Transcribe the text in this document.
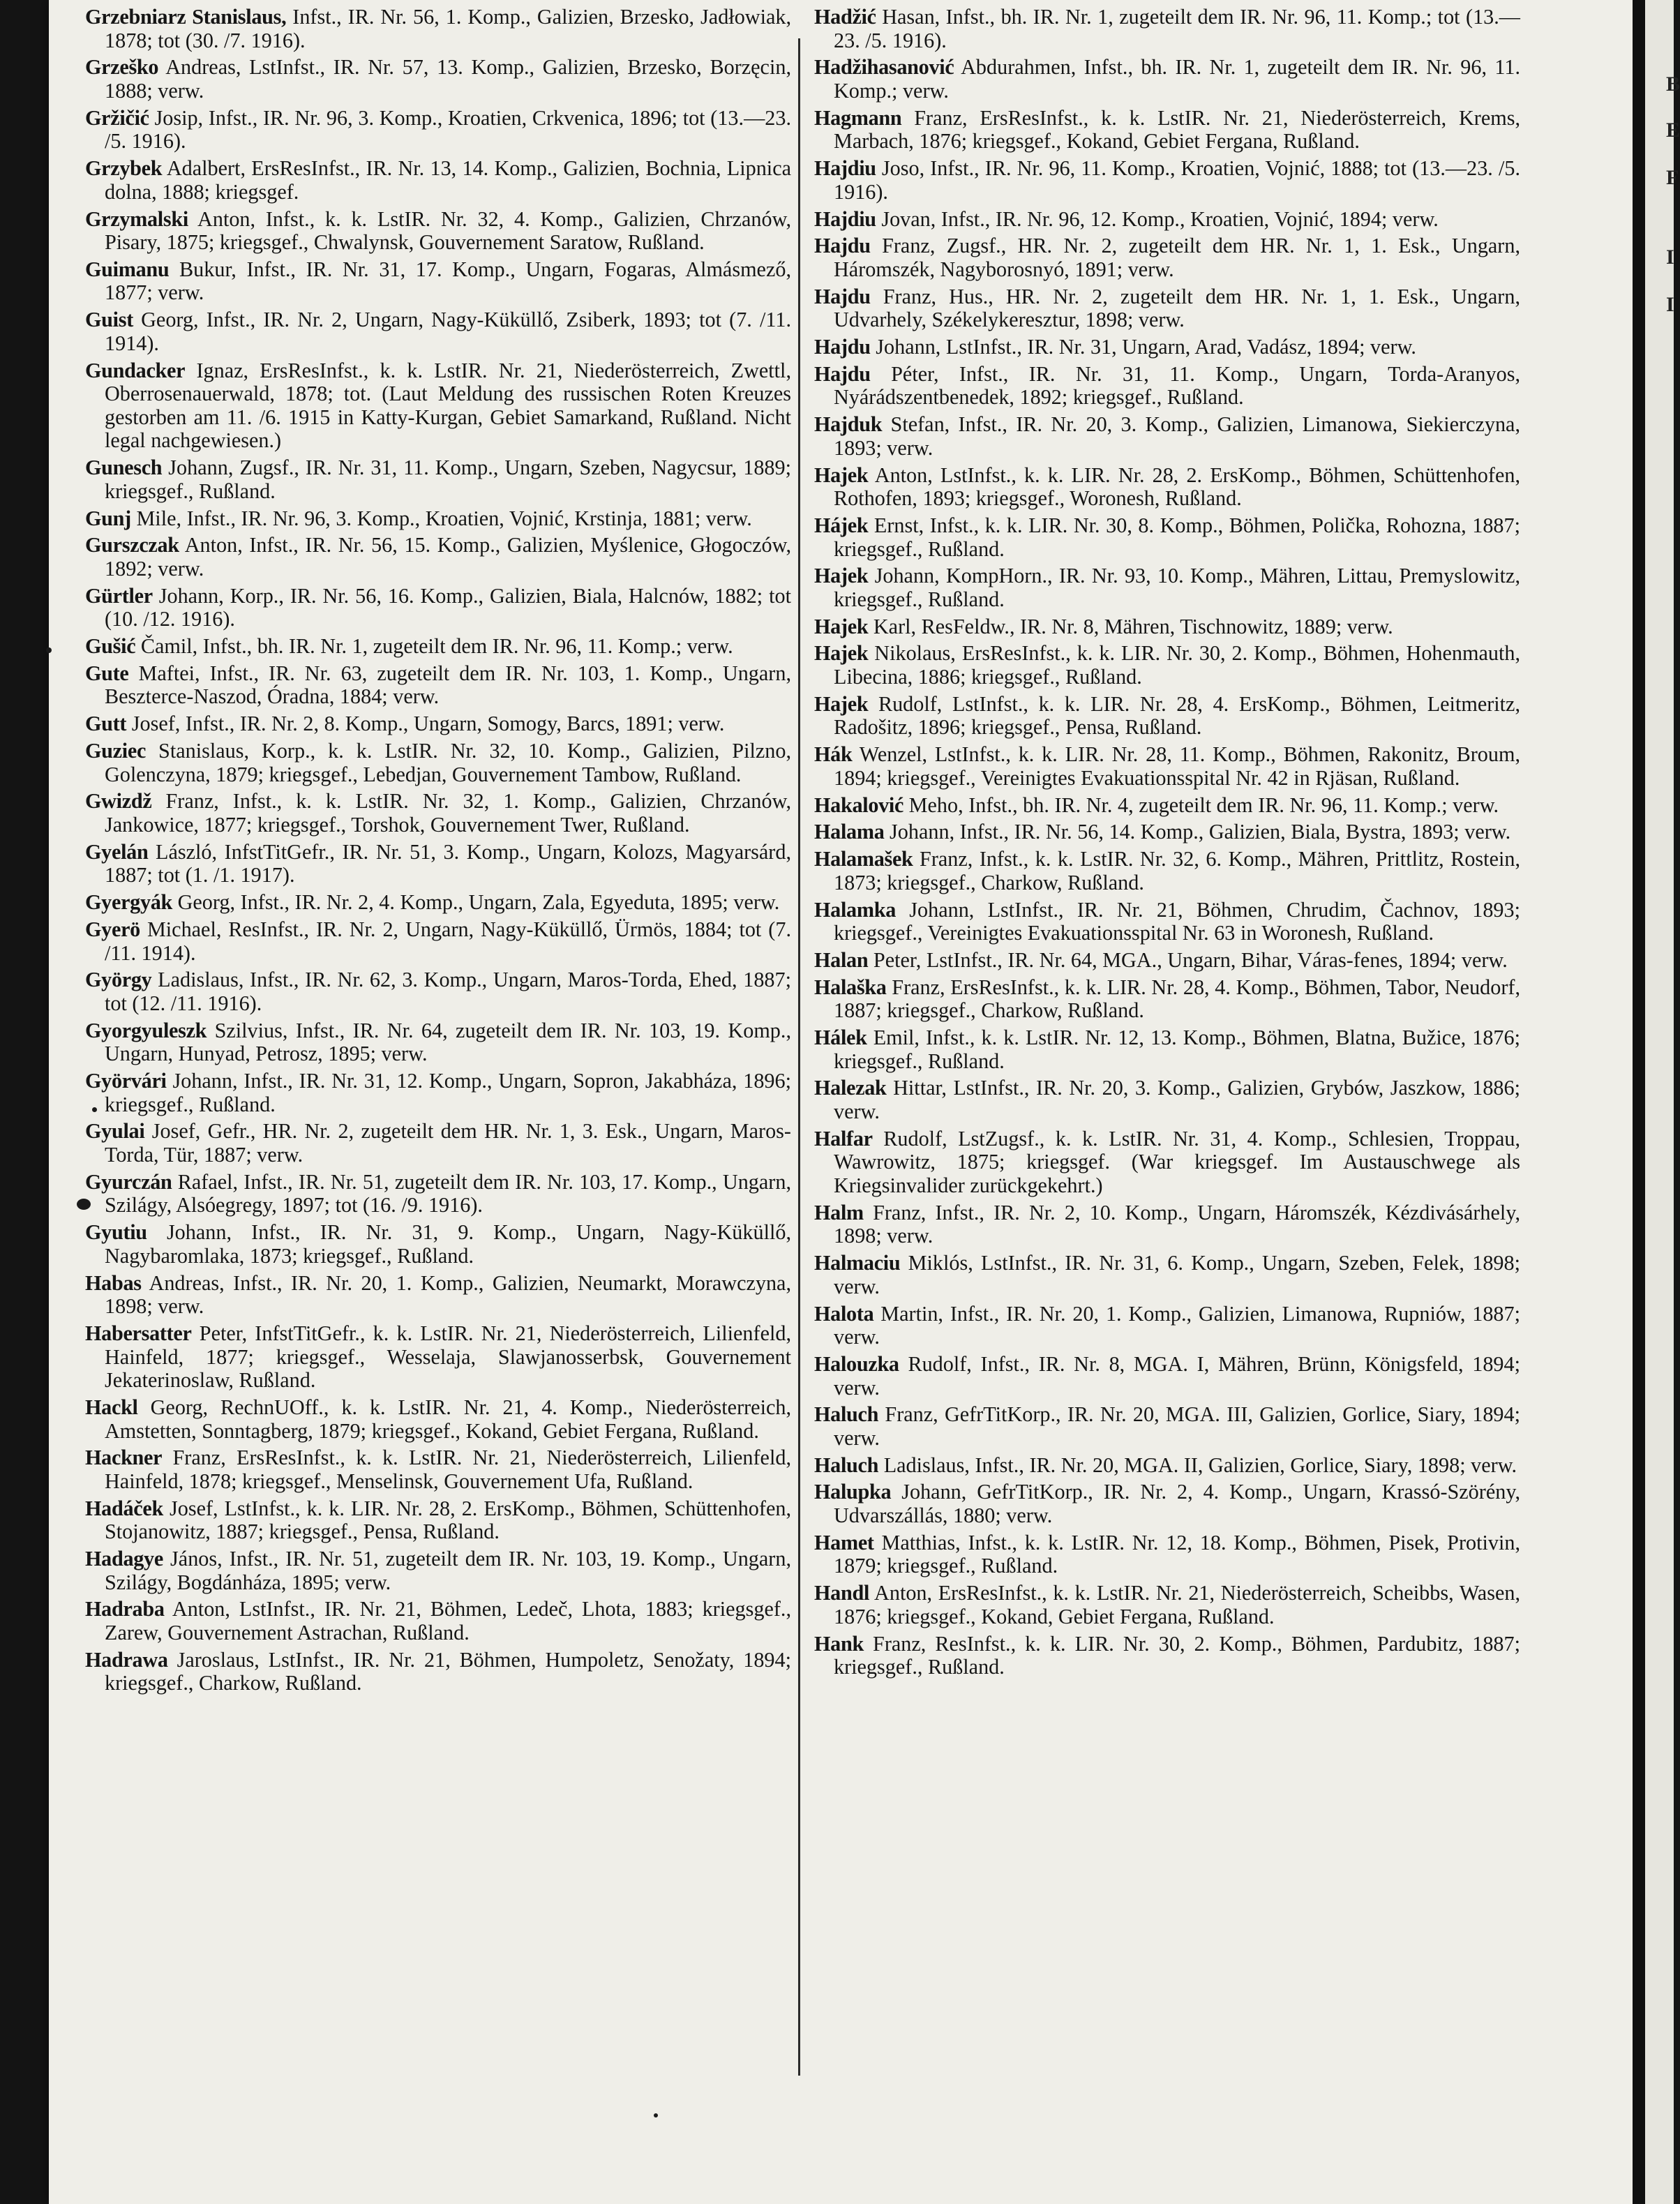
Grzebniarz Stanislaus, Infst., IR. Nr. 56, 1. Komp., Galizien, Brzesko, Jadłowiak, 1878; tot (30. /7. 1916).
Grzeško Andreas, LstInfst., IR. Nr. 57, 13. Komp., Galizien, Brzesko, Borzęcin, 1888; verw.
Gržičić Josip, Infst., IR. Nr. 96, 3. Komp., Kroatien, Crkvenica, 1896; tot (13.—23. /5. 1916).
Grzybek Adalbert, ErsResInfst., IR. Nr. 13, 14. Komp., Galizien, Bochnia, Lipnica dolna, 1888; kriegsgef.
Grzymalski Anton, Infst., k. k. LstIR. Nr. 32, 4. Komp., Galizien, Chrzanów, Pisary, 1875; kriegsgef., Chwalynsk, Gouvernement Saratow, Rußland.
Guimanu Bukur, Infst., IR. Nr. 31, 17. Komp., Ungarn, Fogaras, Almásmező, 1877; verw.
Guist Georg, Infst., IR. Nr. 2, Ungarn, Nagy-Küküllő, Zsiberk, 1893; tot (7. /11. 1914).
Gundacker Ignaz, ErsResInfst., k. k. LstIR. Nr. 21, Niederösterreich, Zwettl, Oberrosenauerwald, 1878; tot. (Laut Meldung des russischen Roten Kreuzes gestorben am 11. /6. 1915 in Katty-Kurgan, Gebiet Samarkand, Rußland. Nicht legal nachgewiesen.)
Gunesch Johann, Zugsf., IR. Nr. 31, 11. Komp., Ungarn, Szeben, Nagycsur, 1889; kriegsgef., Rußland.
Gunj Mile, Infst., IR. Nr. 96, 3. Komp., Kroatien, Vojnić, Krstinja, 1881; verw.
Gurszczak Anton, Infst., IR. Nr. 56, 15. Komp., Galizien, Myślenice, Głogoczów, 1892; verw.
Gürtler Johann, Korp., IR. Nr. 56, 16. Komp., Galizien, Biala, Halcnów, 1882; tot (10. /12. 1916).
Gušić Čamil, Infst., bh. IR. Nr. 1, zugeteilt dem IR. Nr. 96, 11. Komp.; verw.
Gute Maftei, Infst., IR. Nr. 63, zugeteilt dem IR. Nr. 103, 1. Komp., Ungarn, Beszterce-Naszod, Óradna, 1884; verw.
Gutt Josef, Infst., IR. Nr. 2, 8. Komp., Ungarn, Somogy, Barcs, 1891; verw.
Guziec Stanislaus, Korp., k. k. LstIR. Nr. 32, 10. Komp., Galizien, Pilzno, Golenczyna, 1879; kriegsgef., Lebedjan, Gouvernement Tambow, Rußland.
Gwizdž Franz, Infst., k. k. LstIR. Nr. 32, 1. Komp., Galizien, Chrzanów, Jankowice, 1877; kriegsgef., Torshok, Gouvernement Twer, Rußland.
Gyelán László, InfstTitGefr., IR. Nr. 51, 3. Komp., Ungarn, Kolozs, Magyarsárd, 1887; tot (1. /1. 1917).
Gyergyák Georg, Infst., IR. Nr. 2, 4. Komp., Ungarn, Zala, Egyeduta, 1895; verw.
Gyerö Michael, ResInfst., IR. Nr. 2, Ungarn, Nagy-Küküllő, Ürmös, 1884; tot (7. /11. 1914).
György Ladislaus, Infst., IR. Nr. 62, 3. Komp., Ungarn, Maros-Torda, Ehed, 1887; tot (12. /11. 1916).
Gyorgyuleszk Szilvius, Infst., IR. Nr. 64, zugeteilt dem IR. Nr. 103, 19. Komp., Ungarn, Hunyad, Petrosz, 1895; verw.
Györvári Johann, Infst., IR. Nr. 31, 12. Komp., Ungarn, Sopron, Jakabháza, 1896; kriegsgef., Rußland.
Gyulai Josef, Gefr., HR. Nr. 2, zugeteilt dem HR. Nr. 1, 3. Esk., Ungarn, Maros-Torda, Tür, 1887; verw.
Gyurczán Rafael, Infst., IR. Nr. 51, zugeteilt dem IR. Nr. 103, 17. Komp., Ungarn, Szilágy, Alsóegregy, 1897; tot (16. /9. 1916).
Gyutiu Johann, Infst., IR. Nr. 31, 9. Komp., Ungarn, Nagy-Küküllő, Nagybaromlaka, 1873; kriegsgef., Rußland.
Habas Andreas, Infst., IR. Nr. 20, 1. Komp., Galizien, Neumarkt, Morawczyna, 1898; verw.
Habersatter Peter, InfstTitGefr., k. k. LstIR. Nr. 21, Niederösterreich, Lilienfeld, Hainfeld, 1877; kriegsgef., Wesselaja, Slawjanosserbsk, Gouvernement Jekaterinoslaw, Rußland.
Hackl Georg, RechnUOff., k. k. LstIR. Nr. 21, 4. Komp., Niederösterreich, Amstetten, Sonntagberg, 1879; kriegsgef., Kokand, Gebiet Fergana, Rußland.
Hackner Franz, ErsResInfst., k. k. LstIR. Nr. 21, Niederösterreich, Lilienfeld, Hainfeld, 1878; kriegsgef., Menselinsk, Gouvernement Ufa, Rußland.
Hadáček Josef, LstInfst., k. k. LIR. Nr. 28, 2. ErsKomp., Böhmen, Schüttenhofen, Stojanowitz, 1887; kriegsgef., Pensa, Rußland.
Hadagye János, Infst., IR. Nr. 51, zugeteilt dem IR. Nr. 103, 19. Komp., Ungarn, Szilágy, Bogdánháza, 1895; verw.
Hadraba Anton, LstInfst., IR. Nr. 21, Böhmen, Ledeč, Lhota, 1883; kriegsgef., Zarew, Gouvernement Astrachan, Rußland.
Hadrawa Jaroslaus, LstInfst., IR. Nr. 21, Böhmen, Humpoletz, Senožaty, 1894; kriegsgef., Charkow, Rußland.
Hadžić Hasan, Infst., bh. IR. Nr. 1, zugeteilt dem IR. Nr. 96, 11. Komp.; tot (13.—23. /5. 1916).
Hadžihasanović Abdurahmen, Infst., bh. IR. Nr. 1, zugeteilt dem IR. Nr. 96, 11. Komp.; verw.
Hagmann Franz, ErsResInfst., k. k. LstIR. Nr. 21, Niederösterreich, Krems, Marbach, 1876; kriegsgef., Kokand, Gebiet Fergana, Rußland.
Hajdiu Joso, Infst., IR. Nr. 96, 11. Komp., Kroatien, Vojnić, 1888; tot (13.—23. /5. 1916).
Hajdiu Jovan, Infst., IR. Nr. 96, 12. Komp., Kroatien, Vojnić, 1894; verw.
Hajdu Franz, Zugsf., HR. Nr. 2, zugeteilt dem HR. Nr. 1, 1. Esk., Ungarn, Háromszék, Nagyborosnyó, 1891; verw.
Hajdu Franz, Hus., HR. Nr. 2, zugeteilt dem HR. Nr. 1, 1. Esk., Ungarn, Udvarhely, Székelykeresztur, 1898; verw.
Hajdu Johann, LstInfst., IR. Nr. 31, Ungarn, Arad, Vadász, 1894; verw.
Hajdu Péter, Infst., IR. Nr. 31, 11. Komp., Ungarn, Torda-Aranyos, Nyárádszentbenedek, 1892; kriegsgef., Rußland.
Hajduk Stefan, Infst., IR. Nr. 20, 3. Komp., Galizien, Limanowa, Siekierczyna, 1893; verw.
Hajek Anton, LstInfst., k. k. LIR. Nr. 28, 2. ErsKomp., Böhmen, Schüttenhofen, Rothofen, 1893; kriegsgef., Woronesh, Rußland.
Hájek Ernst, Infst., k. k. LIR. Nr. 30, 8. Komp., Böhmen, Polička, Rohozna, 1887; kriegsgef., Rußland.
Hajek Johann, KompHorn., IR. Nr. 93, 10. Komp., Mähren, Littau, Premyslowitz, kriegsgef., Rußland.
Hajek Karl, ResFeldw., IR. Nr. 8, Mähren, Tischnowitz, 1889; verw.
Hajek Nikolaus, ErsResInfst., k. k. LIR. Nr. 30, 2. Komp., Böhmen, Hohenmauth, Libecina, 1886; kriegsgef., Rußland.
Hajek Rudolf, LstInfst., k. k. LIR. Nr. 28, 4. ErsKomp., Böhmen, Leitmeritz, Radošitz, 1896; kriegsgef., Pensa, Rußland.
Hák Wenzel, LstInfst., k. k. LIR. Nr. 28, 11. Komp., Böhmen, Rakonitz, Broum, 1894; kriegsgef., Vereinigtes Evakuationsspital Nr. 42 in Rjäsan, Rußland.
Hakalović Meho, Infst., bh. IR. Nr. 4, zugeteilt dem IR. Nr. 96, 11. Komp.; verw.
Halama Johann, Infst., IR. Nr. 56, 14. Komp., Galizien, Biala, Bystra, 1893; verw.
Halamašek Franz, Infst., k. k. LstIR. Nr. 32, 6. Komp., Mähren, Prittlitz, Rostein, 1873; kriegsgef., Charkow, Rußland.
Halamka Johann, LstInfst., IR. Nr. 21, Böhmen, Chrudim, Čachnov, 1893; kriegsgef., Vereinigtes Evakuationsspital Nr. 63 in Woronesh, Rußland.
Halan Peter, LstInfst., IR. Nr. 64, MGA., Ungarn, Bihar, Váras-fenes, 1894; verw.
Halaška Franz, ErsResInfst., k. k. LIR. Nr. 28, 4. Komp., Böhmen, Tabor, Neudorf, 1887; kriegsgef., Charkow, Rußland.
Hálek Emil, Infst., k. k. LstIR. Nr. 12, 13. Komp., Böhmen, Blatna, Bužice, 1876; kriegsgef., Rußland.
Halezak Hittar, LstInfst., IR. Nr. 20, 3. Komp., Galizien, Grybów, Jaszkow, 1886; verw.
Halfar Rudolf, LstZugsf., k. k. LstIR. Nr. 31, 4. Komp., Schlesien, Troppau, Wawrowitz, 1875; kriegsgef. (War kriegsgef. Im Austauschwege als Kriegsinvalider zurückgekehrt.)
Halm Franz, Infst., IR. Nr. 2, 10. Komp., Ungarn, Háromszék, Kézdivásárhely, 1898; verw.
Halmaciu Miklós, LstInfst., IR. Nr. 31, 6. Komp., Ungarn, Szeben, Felek, 1898; verw.
Halota Martin, Infst., IR. Nr. 20, 1. Komp., Galizien, Limanowa, Rupniów, 1887; verw.
Halouzka Rudolf, Infst., IR. Nr. 8, MGA. I, Mähren, Brünn, Königsfeld, 1894; verw.
Haluch Franz, GefrTitKorp., IR. Nr. 20, MGA. III, Galizien, Gorlice, Siary, 1894; verw.
Haluch Ladislaus, Infst., IR. Nr. 20, MGA. II, Galizien, Gorlice, Siary, 1898; verw.
Halupka Johann, GefrTitKorp., IR. Nr. 2, 4. Komp., Ungarn, Krassó-Szörény, Udvarszállás, 1880; verw.
Hamet Matthias, Infst., k. k. LstIR. Nr. 12, 18. Komp., Böhmen, Pisek, Protivin, 1879; kriegsgef., Rußland.
Handl Anton, ErsResInfst., k. k. LstIR. Nr. 21, Niederösterreich, Scheibbs, Wasen, 1876; kriegsgef., Kokand, Gebiet Fergana, Rußland.
Hank Franz, ResInfst., k. k. LIR. Nr. 30, 2. Komp., Böhmen, Pardubitz, 1887; kriegsgef., Rußland.
B
E
F
I
I
